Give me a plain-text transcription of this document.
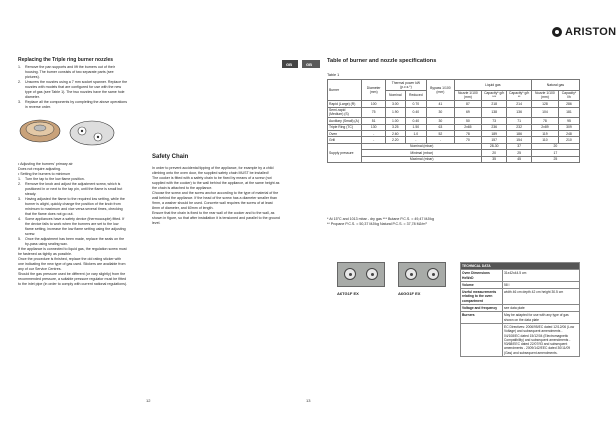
Replacing the Triple ring burner nozzles
1.	Remove the pan supports and lift the burners out of their housing. The burner consists of two separate parts (see pictures).
2.	Unscrew the nozzles using a 7 mm socket spanner. Replace the nozzles with models that are configured for use with the new type of gas (see Table 1). The two nozzles have the same hole diameter.
3.	Replace all the components by completing the above operations in reverse order.
• Adjusting the burners' primary air
Does not require adjusting.
• Setting the burners to minimum
1.	Turn the tap to the low flame position.
2.	Remove the knob and adjust the adjustment screw, which is positioned in or next to the tap pin, until the flame is small but steady.
3.	Having adjusted the flame to the required low setting, while the burner is alight, quickly change the position of the knob from minimum to maximum and vice versa several times, checking that the flame does not go out.
4.	Some appliances have a safety device (thermocouple) fitted. If the device fails to work when the burners are set to the low flame setting, increase the low flame setting using the adjusting screw.
5.	Once the adjustment has been made, replace the seals on the by-pass using sealing wax.

If the appliance is connected to liquid gas, the regulation screw must be fastened as tightly as possible.

Once the procedure is finished, replace the old rating sticker with one indicating the new type of gas used. Stickers are available from any of our Service Centres.

Should the gas pressure used be different (or vary slightly) from the recommended pressure, a suitable pressure regulator must be fitted to the inlet pipe (in order to comply with current national regulations).

Safety Chain

In order to prevent accidental tipping of the appliance, for example by a child climbing onto the oven door, the supplied safety chain MUST be installed!

The cooker is fitted with a safety chain to be fixed by means of a screw (not supplied with the cooker) to the wall behind the appliance, at the same height as the chain is attached to the appliance.

Choose the screw and the screw anchor according to the type of material of the wall behind the appliance. If the head of the screw has a diameter smaller than 9mm, a washer should be used. Concrete wall requires the screw of at least 8mm of diameter, and 60mm of length.

Ensure that the chain is fixed to the rear wall of the cooker and to the wall, as shown in figure, so that after installation it is tensioned and parallel to the ground level.

12
ARISTON
GB	GB
Table of burner and nozzle specifications
Table 1
Burner	Diameter (mm)	Thermal power kW (p.c.s.*)		Bypass 1/100 (mm)	Liquid gas			Natural gas	
		Nominal	Reduced		Nozzle 1/100 (mm)	Capacity* g/h ***	Capacity* g/h **	Nozzle 1/100 (mm)	Capacity* l/h
Rapid (Large) (R)	100	3.00	0.70	41	87	218	214	128	286
Semi-rapid (Medium) (S)	75	1.90	0.40	30	69	138	136	104	181
Auxiliary (Small) (A)	51	1.00	0.40	30	50	73	71	78	95
Triple Ring (TC)	130	3.25	1.50	63	2x65	236	232	2x89	309
Oven	-	2.60	1.0	52	78	189	186	119	248
Grill	-	2.20	-	-	70	157	154	110	210
Supply pressure	Nominal (mbar)					28-30	37	20	
	Minimal (mbar)					20	25	17	
	Maximal (mbar)					35	45	25	
* At 15°C and 1013 mbar - dry gas *** Butane P.C.S. = 49,47 MJ/kg
** Propane P.C.S. = 50,37 MJ/kg Natural P.C.S. = 37,78 MJ/m³
A6TG1F EX	A6GG1F EX
TECHNICAL DATA	
Oven Dimensions HxWxD	31x42x44.5 cm
Volume	58 l
Useful measurements relating to the oven compartment	width 46 cm depth 42 cm height 30.5 cm
Voltage and frequency	see data plate
Burners	May be adapted for use with any type of gas shown on the data plate
	EC Directives: 2006/95/EC dated 12/12/06 (Low Voltage) and subsequent amendments - 04/108/EC dated 15/12/04 (Electromagnetic Compatibility) and subsequent amendments - 93/68/EEC dated 22/07/93 and subsequent amendments - 2009/142/EEC dated 30/11/09 (Gas) and subsequent amendments.
13
